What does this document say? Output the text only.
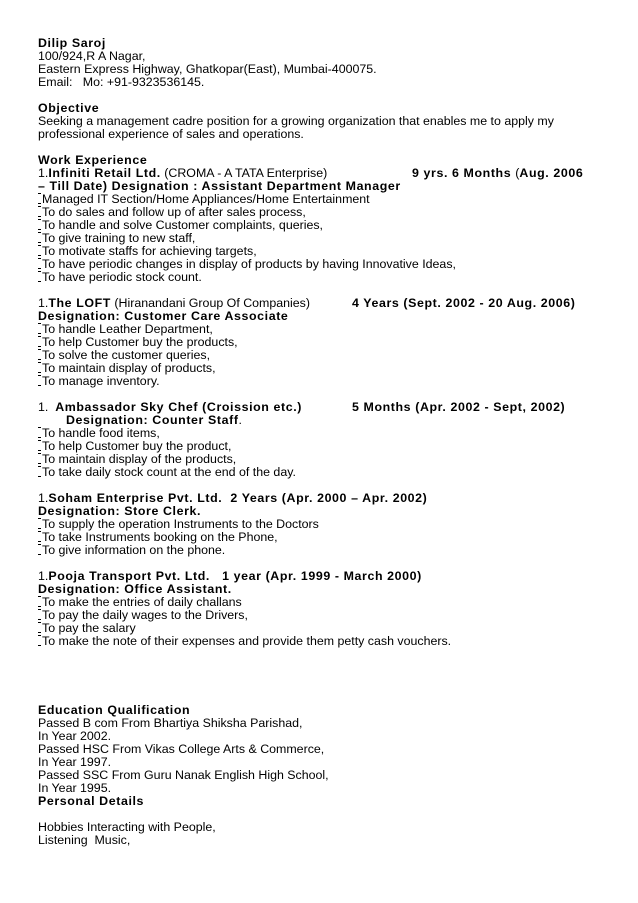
Dilip Saroj
100/924,R A Nagar,
Eastern Express Highway, Ghatkopar(East), Mumbai-400075.
Email:   Mo: +91-9323536145.
Objective
Seeking a management cadre position for a growing organization that enables me to apply my
professional experience of sales and operations.
Work Experience
1. Infiniti Retail Ltd. (CROMA - A TATA Enterprise)	9 yrs. 6 Months (Aug. 2006
– Till Date) Designation : Assistant Department Manager
Managed IT Section/Home Appliances/Home Entertainment
To do sales and follow up of after sales process,
To handle and solve Customer complaints, queries,
To give training to new staff,
To motivate staffs for achieving targets,
To have periodic changes in display of products by having Innovative Ideas,
To have periodic stock count.
1. The LOFT (Hiranandani Group Of Companies)	4 Years (Sept. 2002 - 20 Aug. 2006)
Designation: Customer Care Associate
To handle Leather Department,
To help Customer buy the products,
To solve the customer queries,
To maintain display of products,
To manage inventory.
1. Ambassador Sky Chef (Croission etc.)	5 Months (Apr. 2002 - Sept, 2002)
Designation: Counter Staff.
To handle food items,
To help Customer buy the product,
To maintain display of the products,
To take daily stock count at the end of the day.
1. Soham Enterprise Pvt. Ltd.  2 Years (Apr. 2000 – Apr. 2002)
Designation: Store Clerk.
To supply the operation Instruments to the Doctors
To take Instruments booking on the Phone,
To give information on the phone.
1. Pooja Transport Pvt. Ltd.   1 year (Apr. 1999 - March 2000)
Designation: Office Assistant.
To make the entries of daily challans
To pay the daily wages to the Drivers,
To pay the salary
To make the note of their expenses and provide them petty cash vouchers.
Education Qualification
Passed B com From Bhartiya Shiksha Parishad,
In Year 2002.
Passed HSC From Vikas College Arts & Commerce,
In Year 1997.
Passed SSC From Guru Nanak English High School,
In Year 1995.
Personal Details
Hobbies Interacting with People,
Listening  Music,
